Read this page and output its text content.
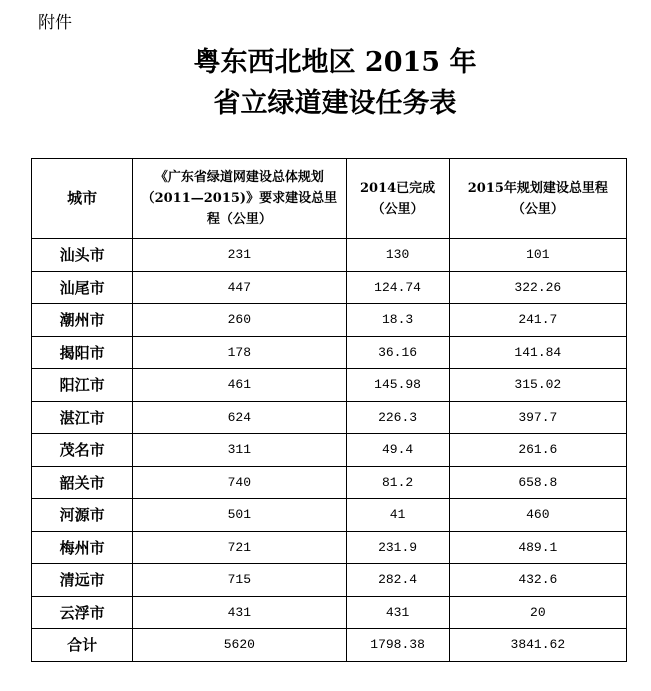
附件
粤东西北地区 2015 年
省立绿道建设任务表
城市	《广东省绿道网建设总体规划（2011—2015)》要求建设总里程（公里）	2014已完成（公里）	2015年规划建设总里程（公里）
汕头市	231	130	101
汕尾市	447	124.74	322.26
潮州市	260	18.3	241.7
揭阳市	178	36.16	141.84
阳江市	461	145.98	315.02
湛江市	624	226.3	397.7
茂名市	311	49.4	261.6
韶关市	740	81.2	658.8
河源市	501	41	460
梅州市	721	231.9	489.1
清远市	715	282.4	432.6
云浮市	431	431	20
合计	5620	1798.38	3841.62
